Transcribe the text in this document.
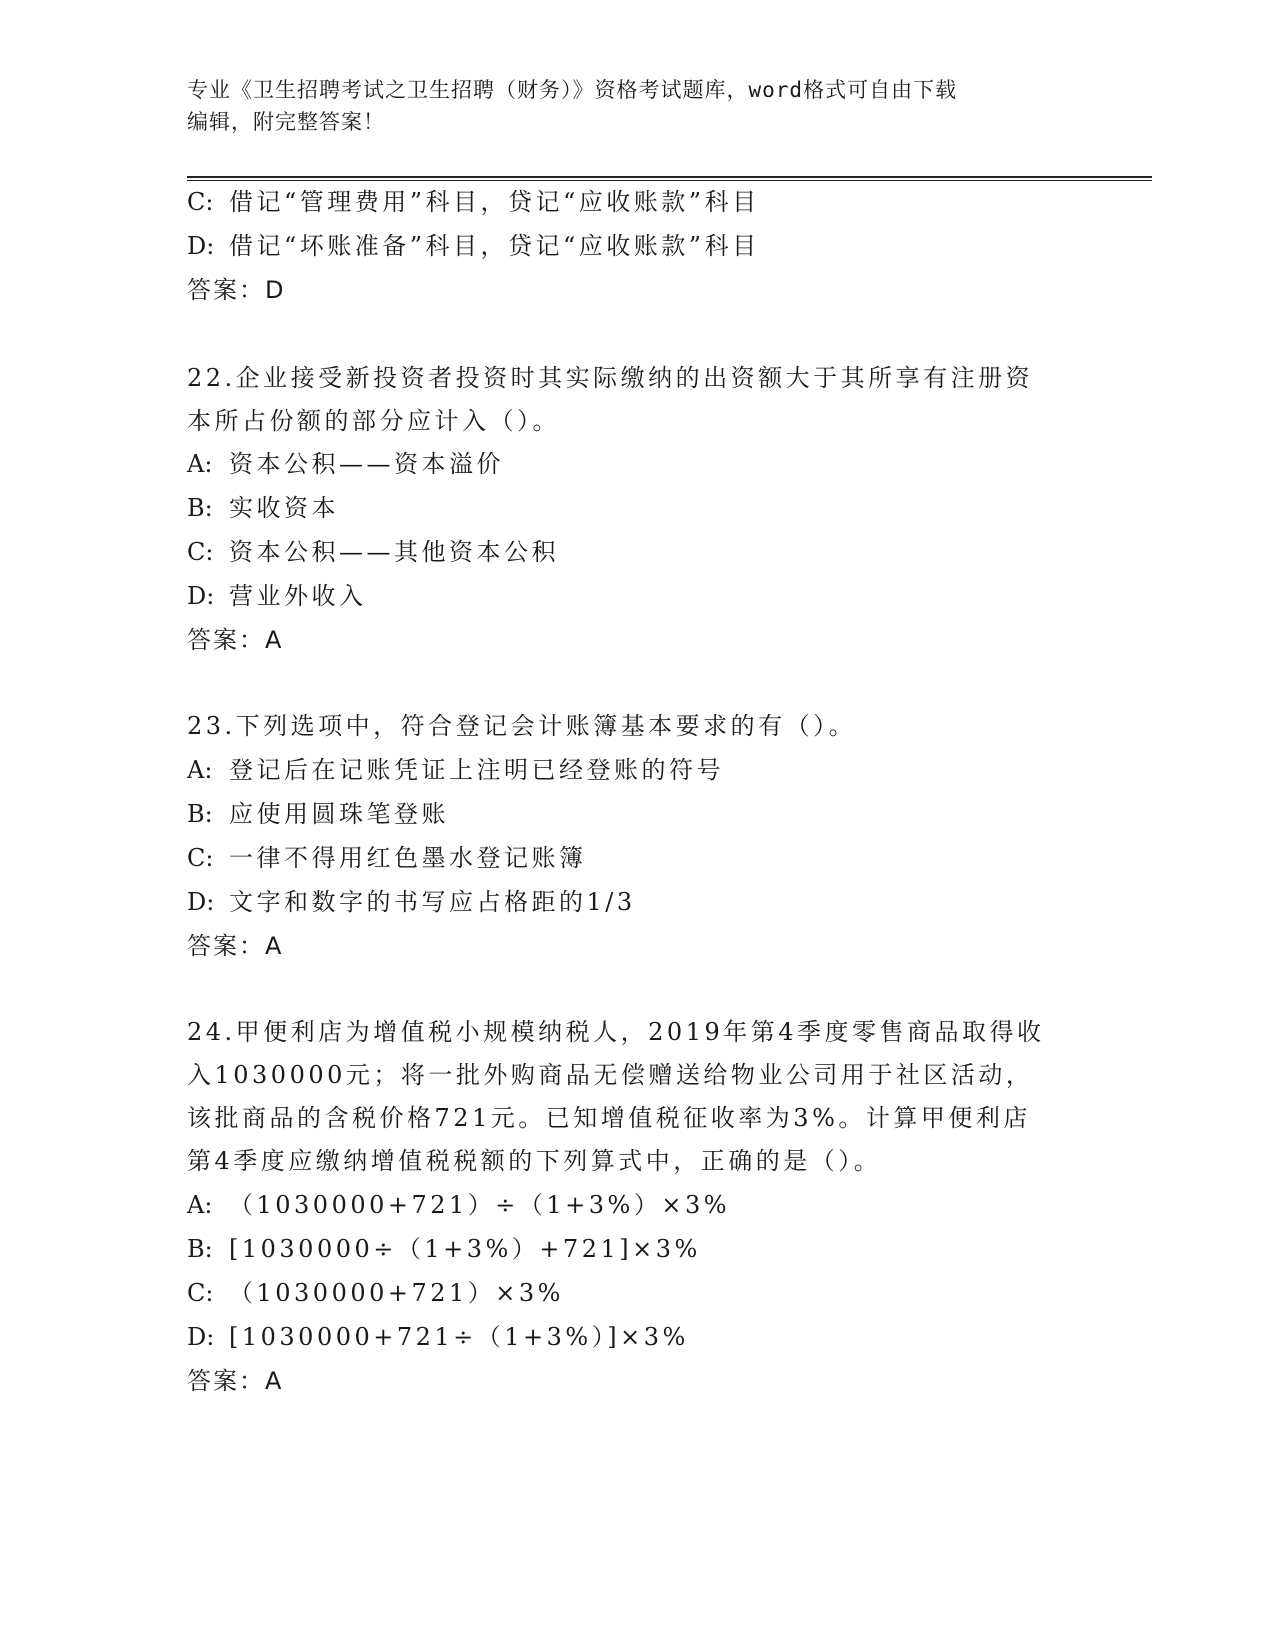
专业《卫生招聘考试之卫生招聘（财务）》资格考试题库，word格式可自由下载
编辑，附完整答案！
C: 借记“管理费用”科目，贷记“应收账款”科目
D: 借记“坏账准备”科目，贷记“应收账款”科目
答案：D
22.企业接受新投资者投资时其实际缴纳的出资额大于其所享有注册资
本所占份额的部分应计入（）。
A: 资本公积——资本溢价
B: 实收资本
C: 资本公积——其他资本公积
D: 营业外收入
答案：A
23.下列选项中，符合登记会计账簿基本要求的有（）。
A: 登记后在记账凭证上注明已经登账的符号
B: 应使用圆珠笔登账
C: 一律不得用红色墨水登记账簿
D: 文字和数字的书写应占格距的1/3
答案：A
24.甲便利店为增值税小规模纳税人，2019年第4季度零售商品取得收
入1030000元；将一批外购商品无偿赠送给物业公司用于社区活动，
该批商品的含税价格721元。已知增值税征收率为3%。计算甲便利店
第4季度应缴纳增值税税额的下列算式中，正确的是（）。
A: （1030000+721）÷（1+3%）×3%
B: [1030000÷（1+3%）+721]×3%
C: （1030000+721）×3%
D: [1030000+721÷（1+3%）]×3%
答案：A
